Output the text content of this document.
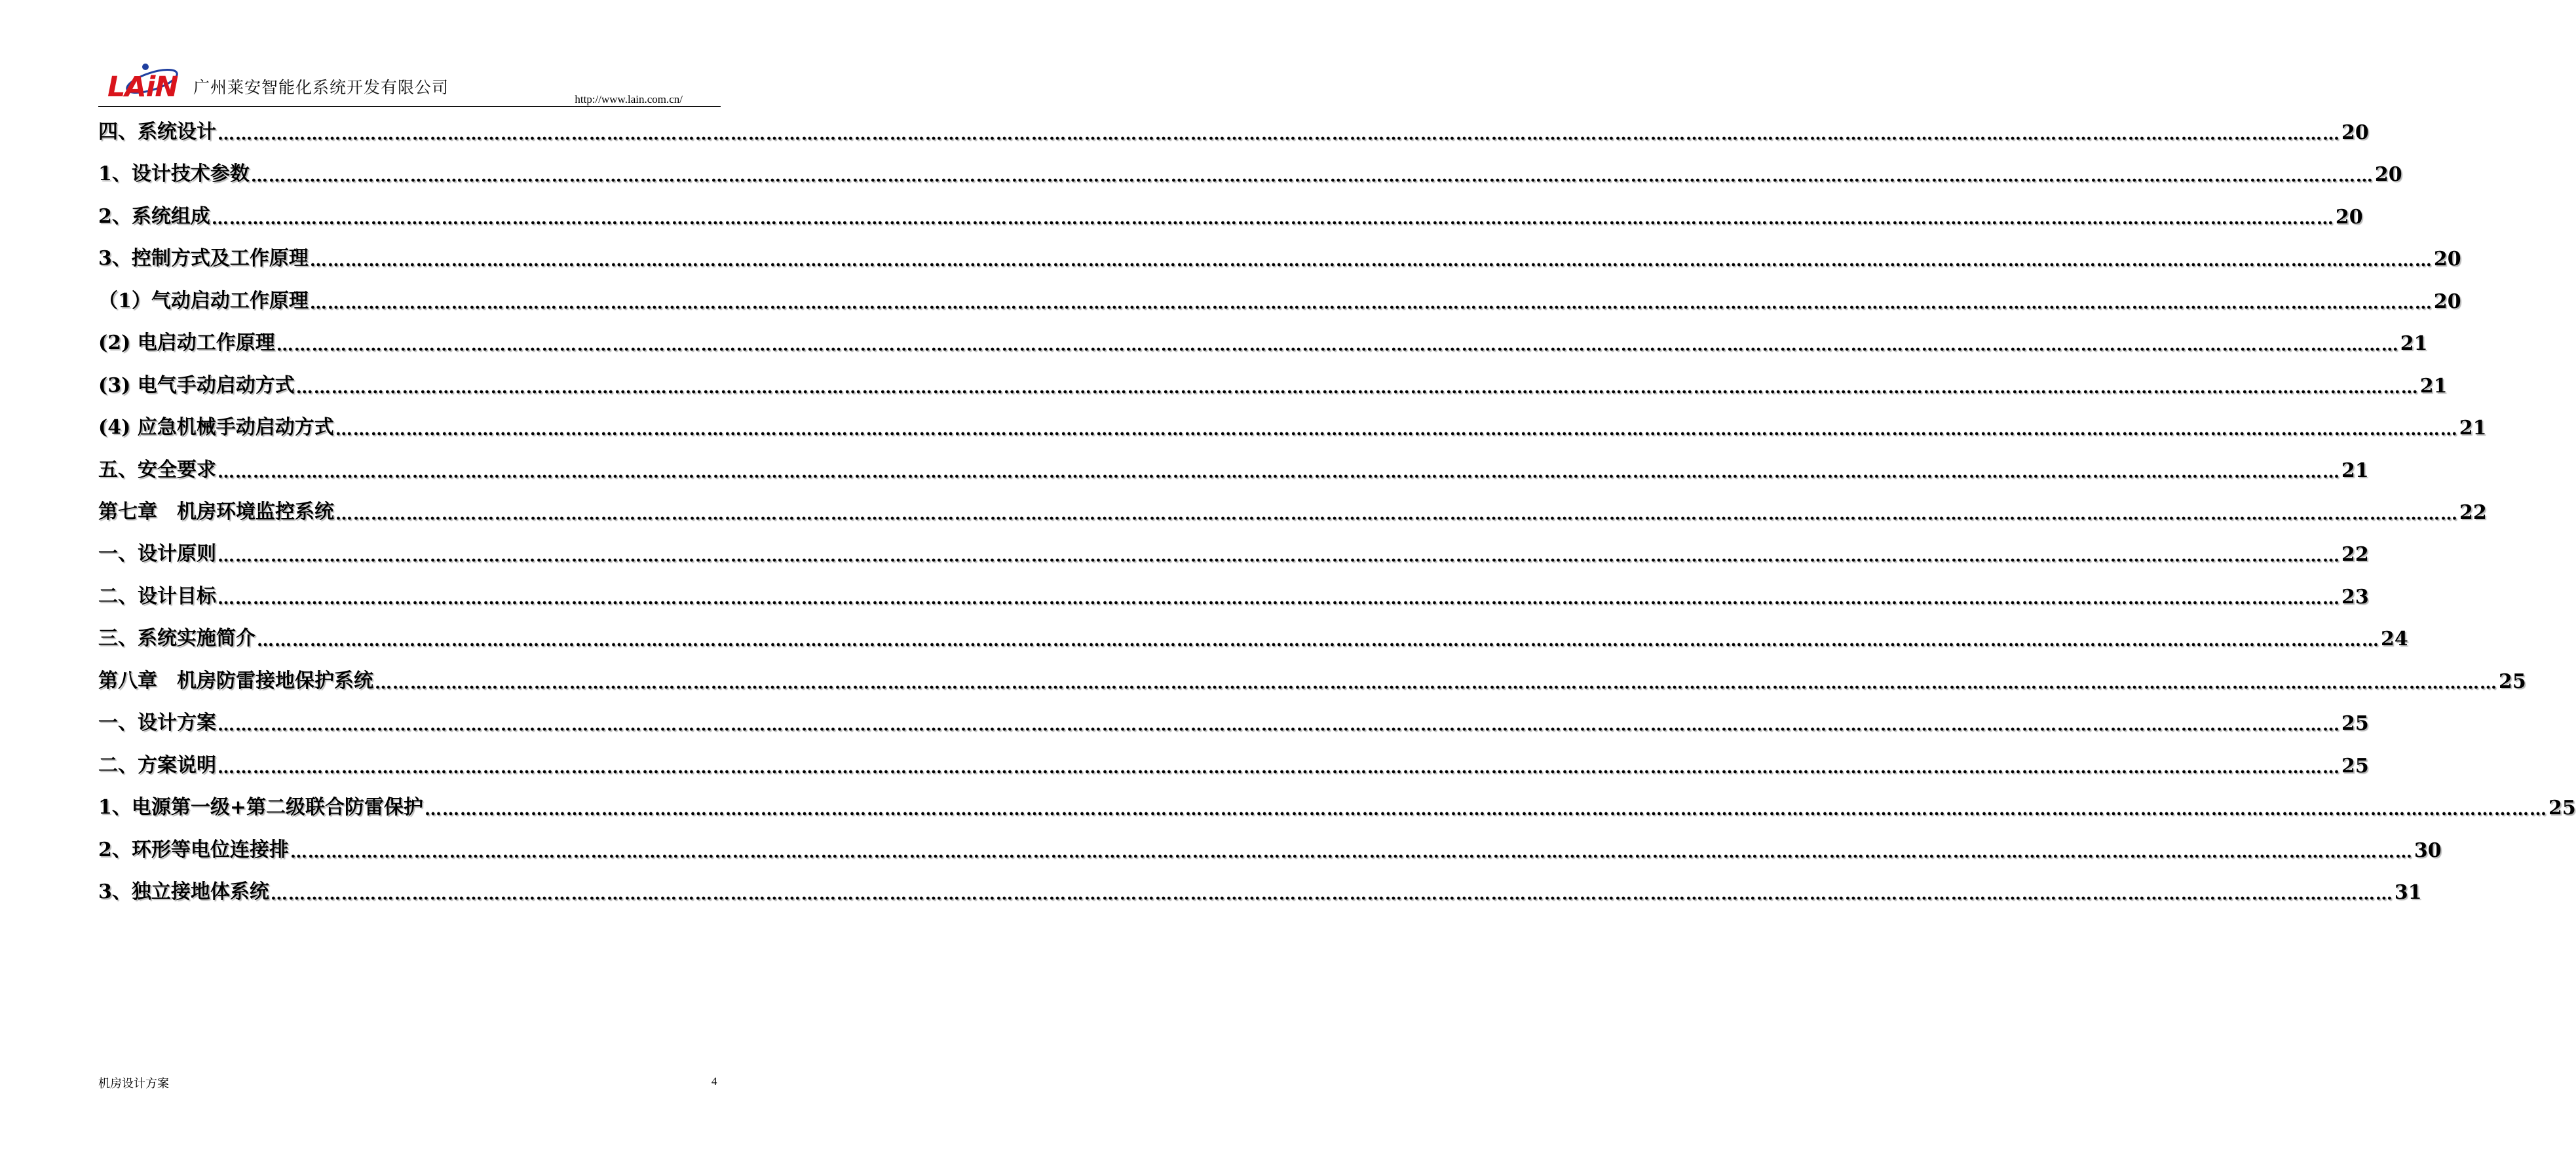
LAiN 广州莱安智能化系统开发有限公司
http://www.lain.com.cn/
四、系统设计 ……………………………………………………………………………………………………………………………………………………………………………………………………………………………………………………………………………………………………………………………… 20
1、设计技术参数 ……………………………………………………………………………………………………………………………………………………………………………………………………………………………………………………………………………………………………………………………… 20
2、系统组成 ……………………………………………………………………………………………………………………………………………………………………………………………………………………………………………………………………………………………………………………………… 20
3、控制方式及工作原理 ……………………………………………………………………………………………………………………………………………………………………………………………………………………………………………………………………………………………………………………………… 20
（1）气动启动工作原理 ……………………………………………………………………………………………………………………………………………………………………………………………………………………………………………………………………………………………………………………………… 20
(2) 电启动工作原理 ……………………………………………………………………………………………………………………………………………………………………………………………………………………………………………………………………………………………………………………………… 21
(3) 电气手动启动方式 ……………………………………………………………………………………………………………………………………………………………………………………………………………………………………………………………………………………………………………………………… 21
(4) 应急机械手动启动方式 ……………………………………………………………………………………………………………………………………………………………………………………………………………………………………………………………………………………………………………………………… 21
五、安全要求 ……………………………………………………………………………………………………………………………………………………………………………………………………………………………………………………………………………………………………………………………… 21
第七章　机房环境监控系统 ……………………………………………………………………………………………………………………………………………………………………………………………………………………………………………………………………………………………………………………………… 22
一、设计原则 ……………………………………………………………………………………………………………………………………………………………………………………………………………………………………………………………………………………………………………………………… 22
二、设计目标 ……………………………………………………………………………………………………………………………………………………………………………………………………………………………………………………………………………………………………………………………… 23
三、系统实施简介 ……………………………………………………………………………………………………………………………………………………………………………………………………………………………………………………………………………………………………………………………… 24
第八章　机房防雷接地保护系统 ……………………………………………………………………………………………………………………………………………………………………………………………………………………………………………………………………………………………………………………………… 25
一、设计方案 ……………………………………………………………………………………………………………………………………………………………………………………………………………………………………………………………………………………………………………………………… 25
二、方案说明 ……………………………………………………………………………………………………………………………………………………………………………………………………………………………………………………………………………………………………………………………… 25
1、电源第一级+第二级联合防雷保护 ……………………………………………………………………………………………………………………………………………………………………………………………………………………………………………………………………………………………………………………………… 25
2、环形等电位连接排 ……………………………………………………………………………………………………………………………………………………………………………………………………………………………………………………………………………………………………………………………… 30
3、独立接地体系统 ……………………………………………………………………………………………………………………………………………………………………………………………………………………………………………………………………………………………………………………………… 31
机房设计方案	4
